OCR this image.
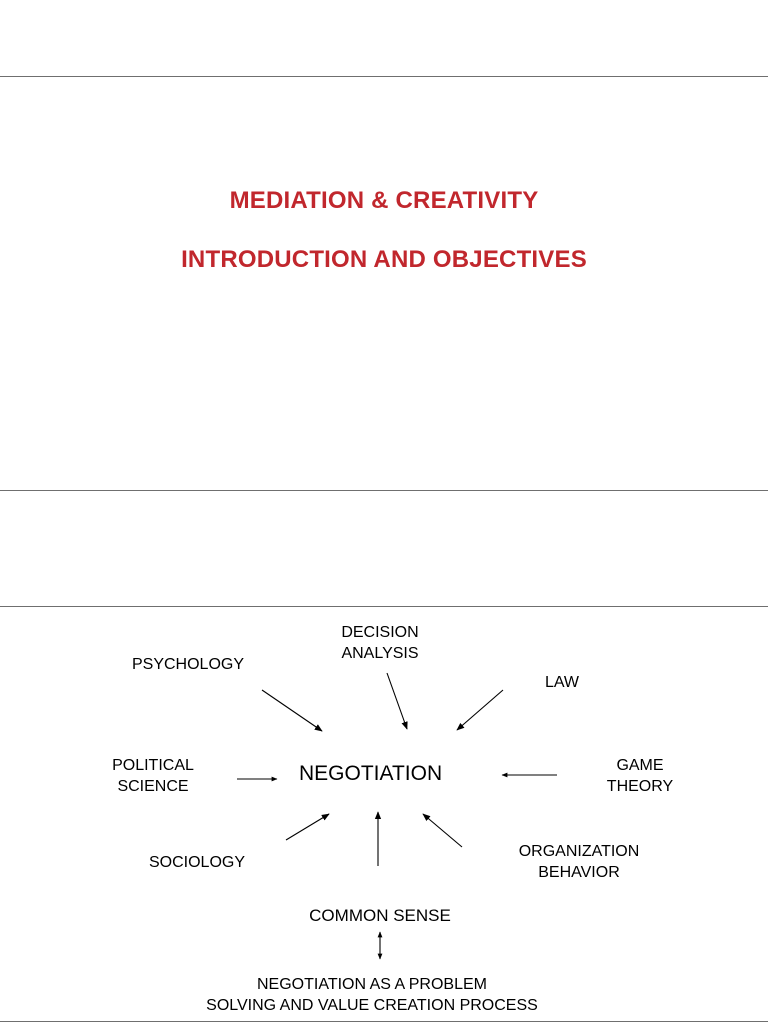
MEDIATION & CREATIVITY
INTRODUCTION AND OBJECTIVES
DECISION
ANALYSIS
PSYCHOLOGY
LAW
POLITICAL
SCIENCE
NEGOTIATION	GAME
THEORY
SOCIOLOGY
ORGANIZATION
BEHAVIOR
COMMON SENSE
NEGOTIATION AS A PROBLEM
SOLVING AND VALUE CREATION PROCESS
